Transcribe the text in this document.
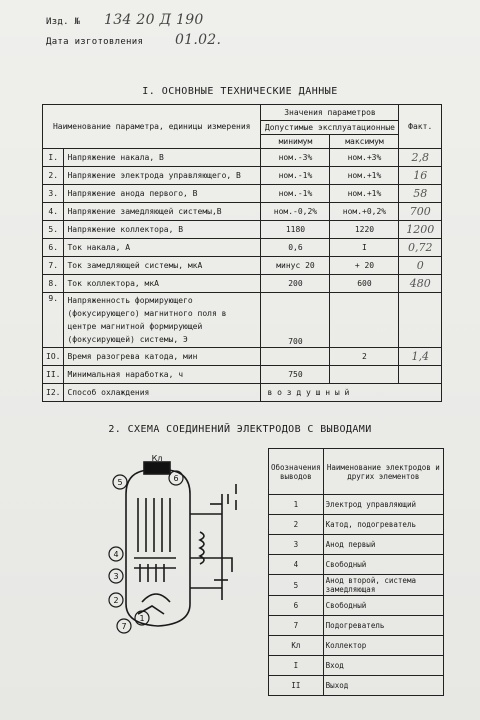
Изд. № 134 20 Д 190
Дата изготовления 01.02.
I. ОСНОВНЫЕ ТЕХНИЧЕСКИЕ ДАННЫЕ
Наименование параметра, единицы измерения		Значения параметров		Факт.
		Допустимые эксплуатационные		
		минимум	максимум	
I.	Напряжение накала, В	ном.-3%	ном.+3%	2,8
2.	Напряжение электрода управляющего, В	ном.-1%	ном.+1%	16
3.	Напряжение анода первого, В	ном.-1%	ном.+1%	58
4.	Напряжение замедляющей системы,В	ном.-0,2%	ном.+0,2%	700
5.	Напряжение коллектора, В	1180	1220	1200
6.	Ток накала, А	0,6	I	0,72
7.	Ток замедляющей системы, мкА	минус 20	+ 20	0
8.	Ток коллектора, мкА	200	600	480
9.	Напряженность формирующего (фокусирующего) магнитного поля в центре магнитной формирующей (фокусирующей) системы, Э	700		
IO.	Время разогрева катода, мин		2	1,4
II.	Минимальная наработка, ч	750		
I2.	Способ охлаждения	в о з д у ш н ы й		
2. СХЕМА СОЕДИНЕНИЙ ЭЛЕКТРОДОВ С ВЫВОДАМИ
Кл
1
2
3
4
5	6
7
Обозначения выводов	Наименование электродов и других элементов
1	Электрод управляющий
2	Катод, подогреватель
3	Анод первый
4	Свободный
5	Анод второй, система замедляющая
6	Свободный
7	Подогреватель
Кл	Коллектор
I	Вход
II	Выход
